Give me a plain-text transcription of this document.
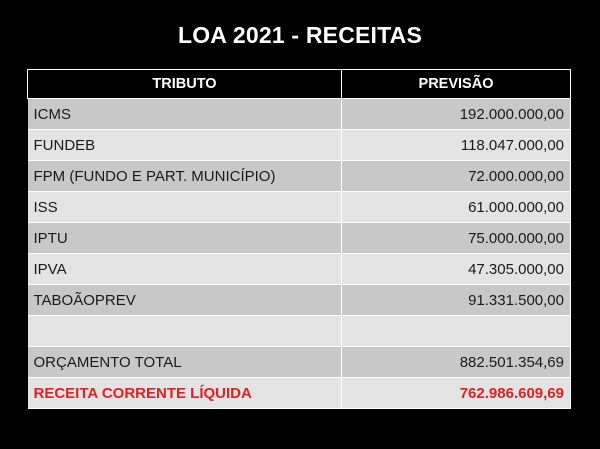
LOA 2021 - RECEITAS
TRIBUTO	PREVISÃO
ICMS	192.000.000,00
FUNDEB	118.047.000,00
FPM (FUNDO E PART. MUNICÍPIO)	72.000.000,00
ISS	61.000.000,00
IPTU	75.000.000,00
IPVA	47.305.000,00
TABOÃOPREV	91.331.500,00

ORÇAMENTO TOTAL	882.501.354,69
RECEITA CORRENTE LÍQUIDA	762.986.609,69
